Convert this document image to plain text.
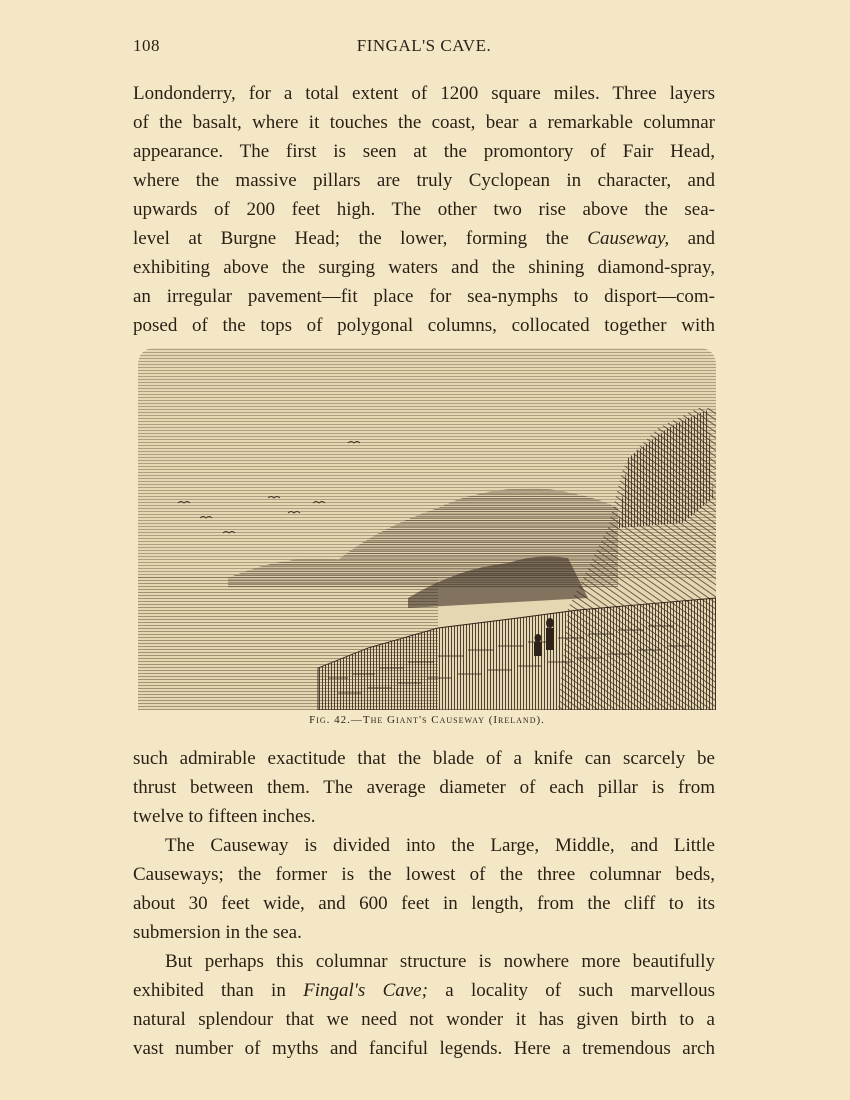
108	FINGAL'S CAVE.
Londonderry, for a total extent of 1200 square miles. Three layers
of the basalt, where it touches the coast, bear a remarkable columnar
appearance. The first is seen at the promontory of Fair Head,
where the massive pillars are truly Cyclopean in character, and
upwards of 200 feet high. The other two rise above the sea-
level at Burgne Head; the lower, forming the Causeway, and
exhibiting above the surging waters and the shining diamond-spray,
an irregular pavement—fit place for sea-nymphs to disport—com-
posed of the tops of polygonal columns, collocated together with
Fig. 42.—The Giant's Causeway (Ireland).
such admirable exactitude that the blade of a knife can scarcely be
thrust between them. The average diameter of each pillar is from
twelve to fifteen inches.
The Causeway is divided into the Large, Middle, and Little
Causeways; the former is the lowest of the three columnar beds,
about 30 feet wide, and 600 feet in length, from the cliff to its
submersion in the sea.
But perhaps this columnar structure is nowhere more beautifully
exhibited than in Fingal's Cave; a locality of such marvellous
natural splendour that we need not wonder it has given birth to a
vast number of myths and fanciful legends. Here a tremendous arch
